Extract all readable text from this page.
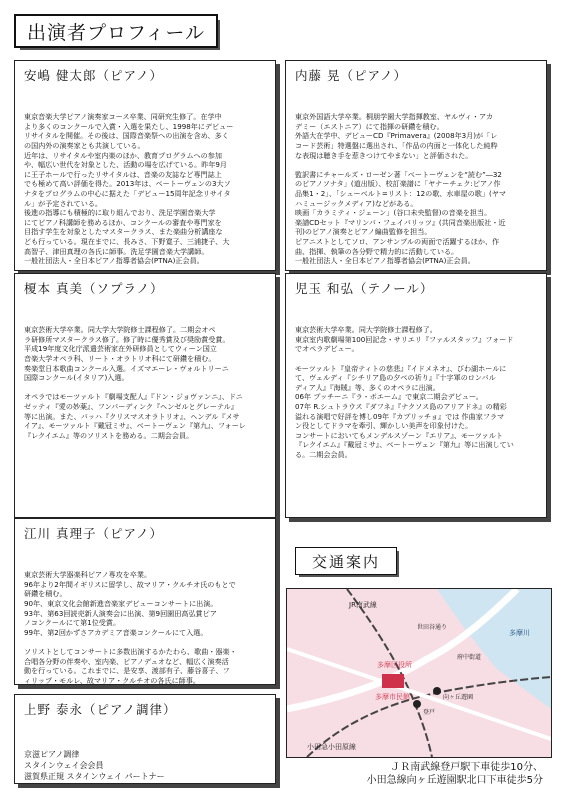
出演者プロフィール
安嶋 健太郎（ピアノ）

東京音楽大学ピアノ演奏家コース卒業、同研究生修了。在学中
より多くのコンクールで入賞・入選を果たし、1998年にデビュー
リサイタルを開催。その後は、国際音楽祭への出演を含め、多く
の国内外の演奏家とも共演している。
近年は、リサイタルや室内楽のほか、教育プログラムへの参加
や、幅広い世代を対象とした、活動の場を広げている。昨年9月
に王子ホールで行ったリサイタルは、音楽の友誌など専門誌上
でも極めて高い評価を得た。2013年は、ベートーヴェンの3大ソ
ナタをプログラムの中心に据えた「デビュー15周年記念リサイタ
ル」が予定されている。
後進の指導にも積極的に取り組んでおり、洗足学園音楽大学
にてピアノ科講師を務めるほか、コンクールの審査や専門家を
目指す学生を対象としたマスタークラス、また楽曲分析講座な
ども行っている。現在までに、長みさ、下野寛子、三浦捷子、大
高智子、津田真理の各氏に師事。洗足学園音楽大学講師。
一般社団法人・全日本ピアノ指導者協会(PTNA)正会員。

内藤 晃（ピアノ）

東京外国語大学卒業。桐朋学園大学指揮教室、ヤルヴィ・アカ
デミー（エストニア）にて指揮の研鑽を積む。
外語大在学中、デビューCD『Primavera』(2008年3月)が「レ
コード芸術」特選盤に選出され、「作品の内面と一体化した純粋
な表現は聴き手を惹きつけてやまない」と評価された。

監訳書にチャールズ・ローゼン著「ベートーヴェンを“読む”―32
のピアノソナタ」(道出版）、校訂楽譜に「ヤナーチェク:ピアノ作
品集1・2」、「シューベルト=リスト：12の歌、水車屋の歌」(ヤマ
ハミュージックメディア)などがある。
映画「カラミティ・ジェーン」(谷口未央監督)の音楽を担当。
楽譜CDセット『マリンバ・フェイバリッツ』(共同音楽出版社・近
刊)のピアノ演奏とピアノ編曲監修を担当。
ピアニストとしてソロ、アンサンブルの両面で活躍するほか、作
曲、指揮、執筆の各分野で精力的に活動している。
一般社団法人・全日本ピアノ指導者協会(PTNA)正会員。

榎本 真美（ソプラノ）

東京芸術大学卒業。同大学大学院修士課程修了。二期会オペ
ラ研修所マスタークラス修了。修了時に優秀賞及び奨励賞受賞。
平成19年度文化庁派遣芸術家在外研修員としてウィーン国立
音楽大学オペラ科、リート・オラトリオ科にて研鑽を積む。
奏楽堂日本歌曲コンクール入選。イズマエーレ・ヴォルトリーニ
国際コンクール(イタリア)入選。

オペラではモーツァルト『劇場支配人』『ドン・ジョヴァンニ』、ドニ
ゼッティ『愛の妙薬』、フンパーディンク『ヘンゼルとグレーテル』
等に出演。また、バッハ『クリスマスオラトリオ』、ヘンデル『メサ
イア』、モーツァルト『戴冠ミサ』、ベートーヴェン『第九』、フォーレ
『レクイエム』等のソリストを務める。二期会会員。

児玉 和弘（テノール）

東京芸術大学卒業。同大学院修士課程修了。
東京室内歌劇場第100回記念・サリエリ『ファルスタッフ』フォード
でオペラデビュー。

モーツァルト『皇帝ティトの慈悲』『イドメネオ』、びわ湖ホールに
て、ヴェルディ『シチリア島の夕べの祈り』『十字軍のロンバル
ディア人』『海賊』等、多くのオペラに出演。
06年 プッチーニ『ラ・ボエーム』で東京二期会デビュー。
07年 R.シュトラウス『ダフネ』『ナクソス島のアリアドネ』の精彩
溢れる演唱で好評を博し09年『カプリッチョ』では 作曲家フラマ
ン役としてドラマを牽引、輝かしい美声を印象付けた。
コンサートにおいてもメンデルスゾーン『エリア』、モーツァルト
『レクイエム』『戴冠ミサ』、ベートーヴェン『第九』等に出演してい
る。二期会会員。

江川 真理子（ピアノ）

東京芸術大学器楽科ピアノ専攻を卒業。
96年より2年間イギリスに留学し、故マリア・クルチオ氏のもとで
研鑽を積む。
90年、東京文化会館新進音楽家デビューコンサートに出演。
93年、第63回読売新人演奏会に出演、第9回園田高弘賞ピア
ノコンクールにて第1位受賞。
99年、第2回かずさアカデミア音楽コンクールにて入選。

ソリストとしてコンサートに多数出演するかたわら、歌曲・器楽・
合唱各分野の伴奏や、室内楽、ピアノデュオなど、幅広く演奏活
動を行っている。これまでに、是安享、渡部有子、藤谷喜子、フ
ィリップ・モルレ、故マリア・クルチオの各氏に師事。

上野 泰永（ピアノ調律）

京滋ピアノ調律
スタインウェイ会会員
滋賀県正規 スタインウェイ パートナー

交通案内
JR南武線
小田急小田原線
多摩川
世田谷通り
多摩区役所
多摩市民館	向ヶ丘遊園
登戸
府中街道
ＪＲ南武線登戸駅下車徒歩10分、
小田急線向ヶ丘遊園駅北口下車徒歩5分
